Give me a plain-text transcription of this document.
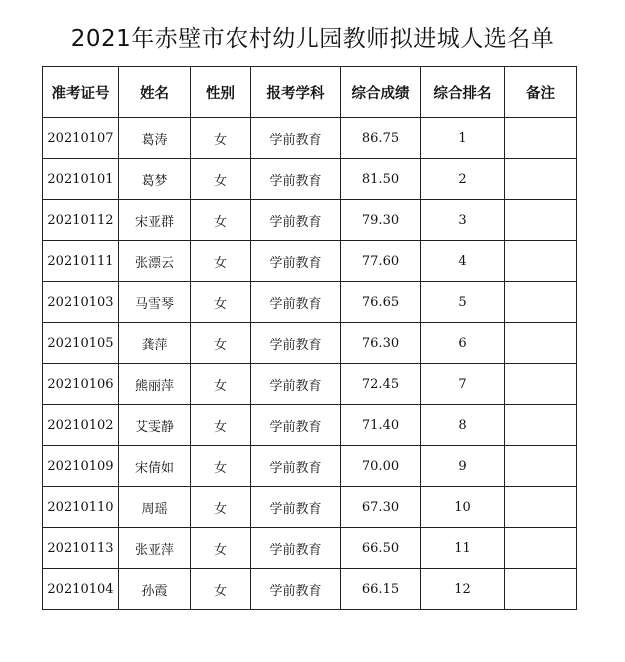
2021年赤壁市农村幼儿园教师拟进城人选名单
准考证号	姓名	性别	报考学科	综合成绩	综合排名	备注
20210107	葛涛	女	学前教育	86.75	1	
20210101	葛梦	女	学前教育	81.50	2	
20210112	宋亚群	女	学前教育	79.30	3	
20210111	张漂云	女	学前教育	77.60	4	
20210103	马雪琴	女	学前教育	76.65	5	
20210105	龚萍	女	学前教育	76.30	6	
20210106	熊丽萍	女	学前教育	72.45	7	
20210102	艾雯静	女	学前教育	71.40	8	
20210109	宋倩如	女	学前教育	70.00	9	
20210110	周瑶	女	学前教育	67.30	10	
20210113	张亚萍	女	学前教育	66.50	11	
20210104	孙霞	女	学前教育	66.15	12	
